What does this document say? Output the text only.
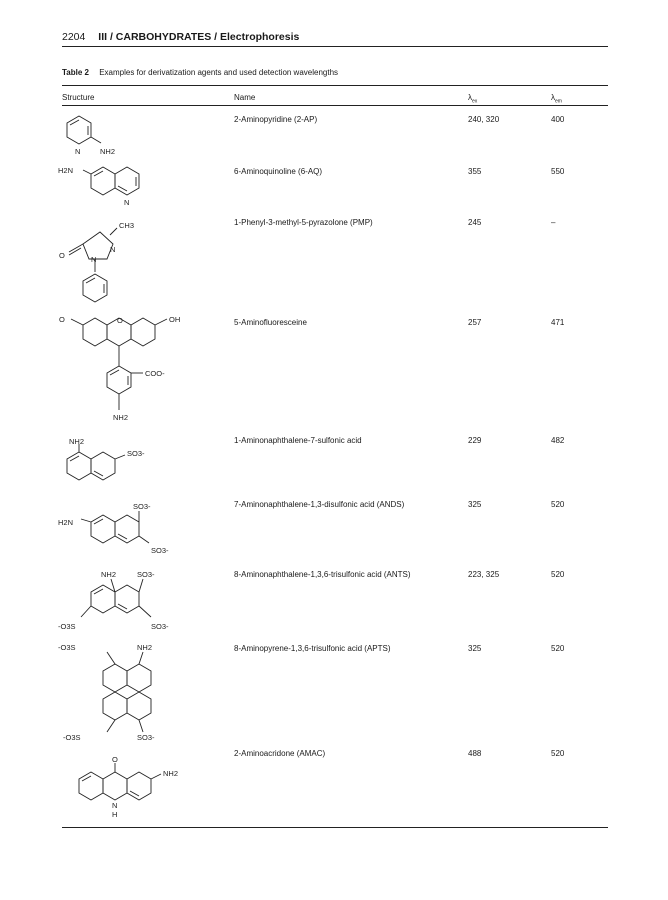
2204 III / CARBOHYDRATES / Electrophoresis
Table 2 Examples for derivatization agents and used detection wavelengths
Structure	Name	$\lambda_{ex}$	$\lambda_{em}$
2-Aminopyridine (2-AP)	240, 320	400
6-Aminoquinoline (6-AQ)	355	550
1-Phenyl-3-methyl-5-pyrazolone (PMP)	245	–
5-Aminofluoresceine	257	471
1-Aminonaphthalene-7-sulfonic acid	229	482
7-Aminonaphthalene-1,3-disulfonic acid (ANDS)	325	520
8-Aminonaphthalene-1,3,6-trisulfonic acid (ANTS)	223, 325	520
8-Aminopyrene-1,3,6-trisulfonic acid (APTS)	325	520
2-Aminoacridone (AMAC)	488	520
N	NH2
H2N
N
CH3
O	N
N
O	O	OH
COO-
NH2
NH2
SO3-
SO3-
H2N
SO3-
NH2	SO3-
-O3S	SO3-
-O3S	NH2
-O3S	SO3-
O
NH2
N
H
